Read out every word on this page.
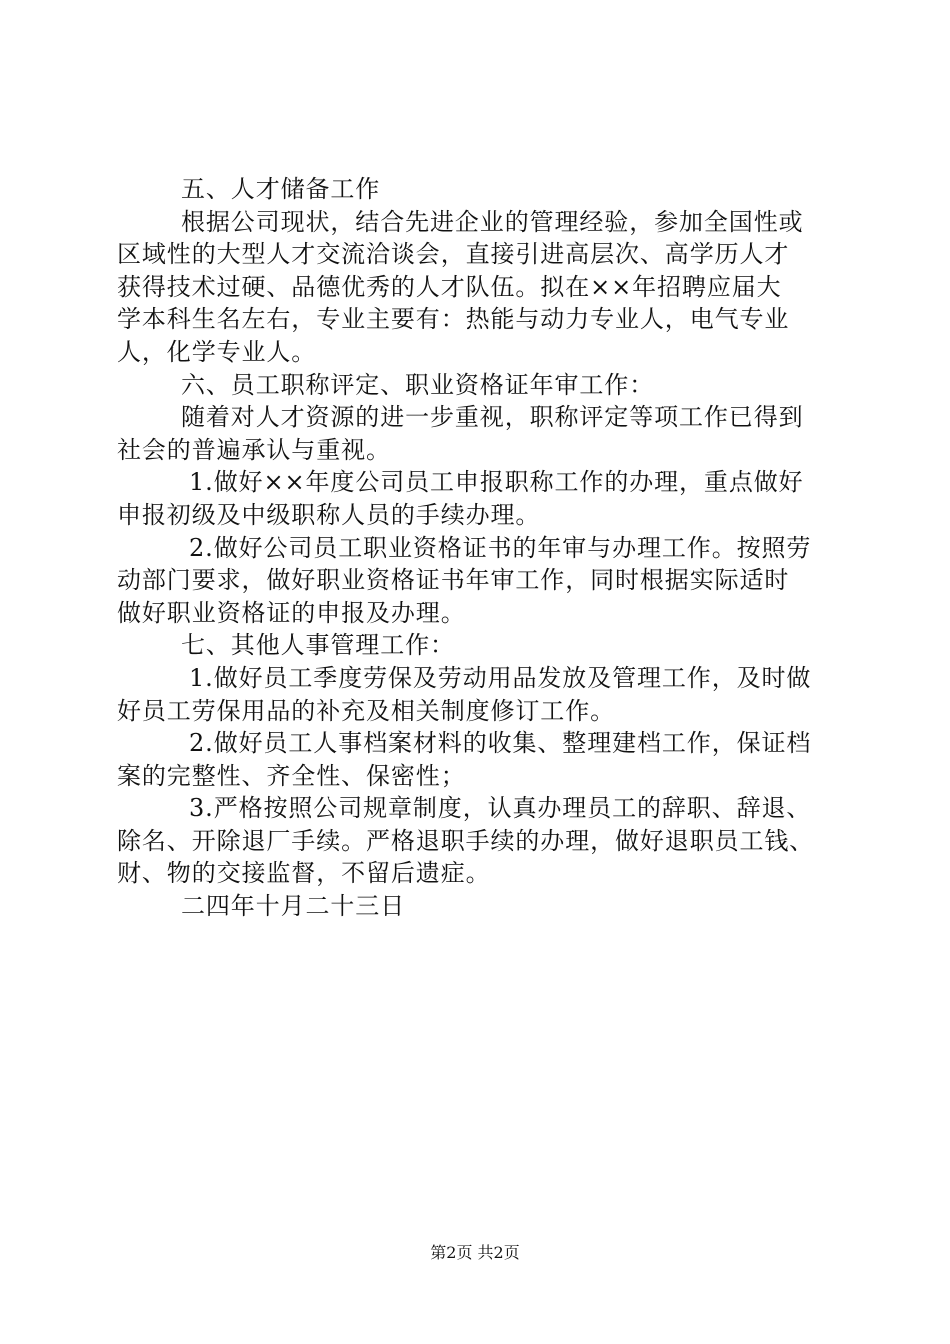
五、人才储备工作
根据公司现状，结合先进企业的管理经验，参加全国性或
区域性的大型人才交流洽谈会，直接引进高层次、高学历人才
获得技术过硬、品德优秀的人才队伍。拟在××年招聘应届大
学本科生名左右，专业主要有：热能与动力专业人，电气专业
人，化学专业人。
六、员工职称评定、职业资格证年审工作：
随着对人才资源的进一步重视，职称评定等项工作已得到
社会的普遍承认与重视。
1.做好××年度公司员工申报职称工作的办理，重点做好
申报初级及中级职称人员的手续办理。
2.做好公司员工职业资格证书的年审与办理工作。按照劳
动部门要求，做好职业资格证书年审工作，同时根据实际适时
做好职业资格证的申报及办理。
七、其他人事管理工作：
1.做好员工季度劳保及劳动用品发放及管理工作，及时做
好员工劳保用品的补充及相关制度修订工作。
2.做好员工人事档案材料的收集、整理建档工作，保证档
案的完整性、齐全性、保密性；
3.严格按照公司规章制度，认真办理员工的辞职、辞退、
除名、开除退厂手续。严格退职手续的办理，做好退职员工钱、
财、物的交接监督，不留后遗症。
二四年十月二十三日
第2页 共2页
